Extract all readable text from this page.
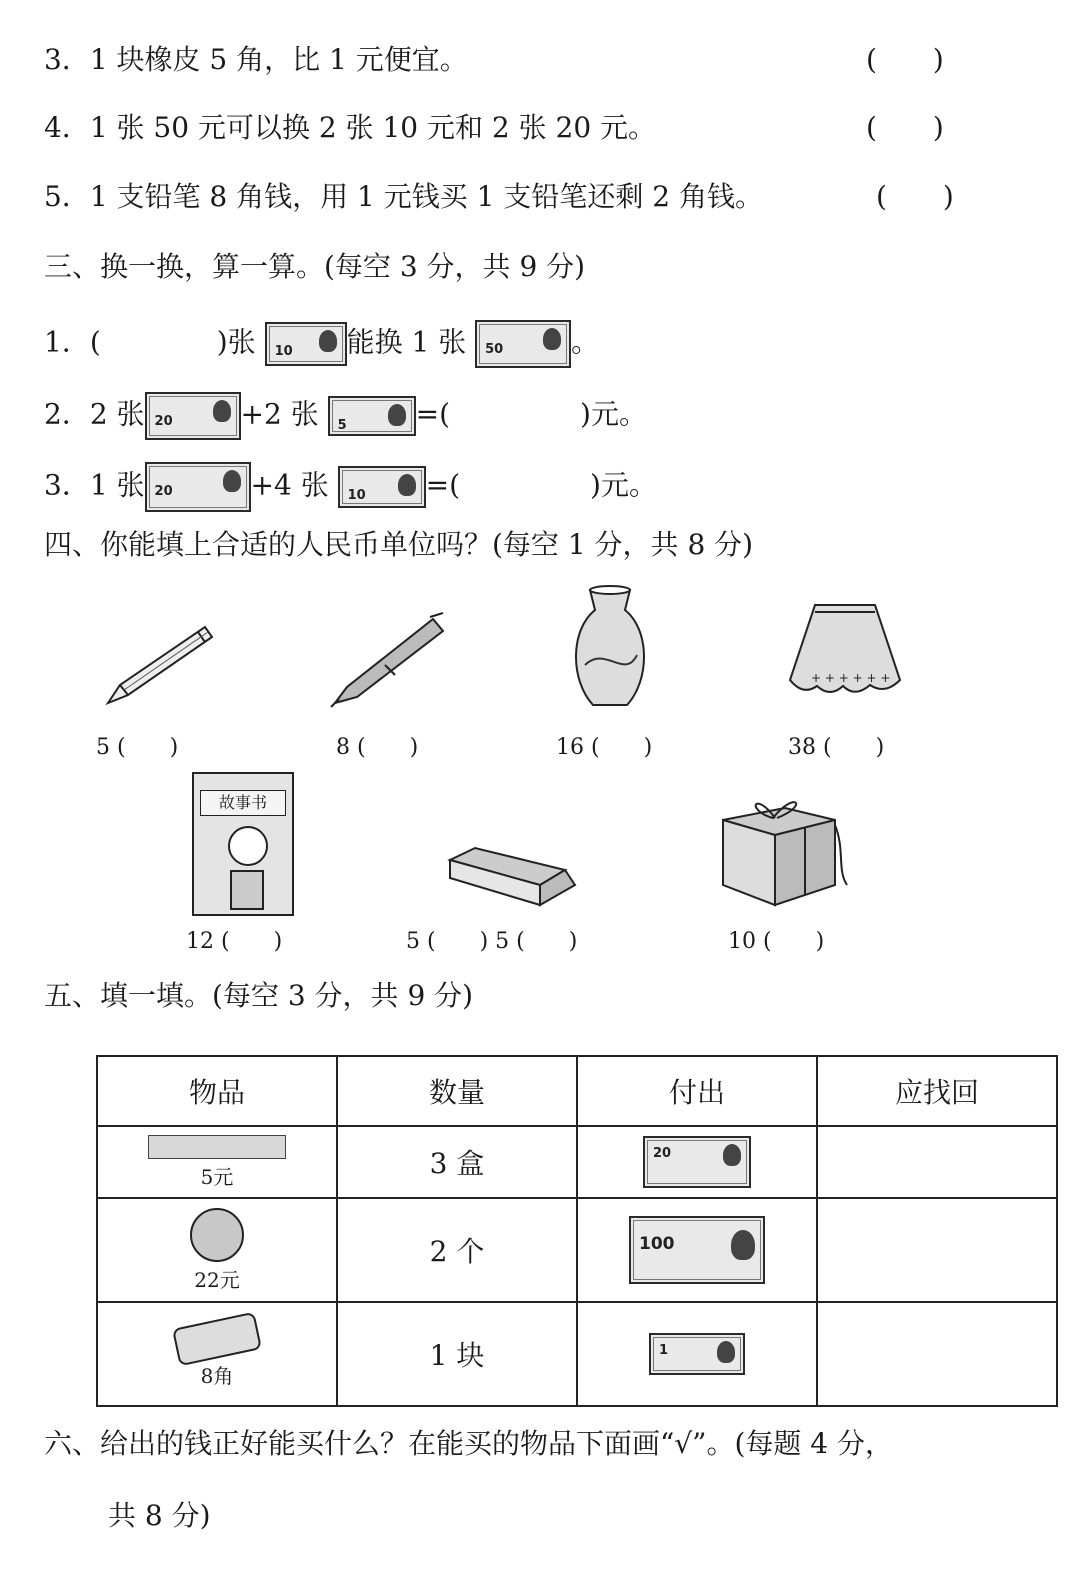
3．1 块橡皮 5 角，比 1 元便宜。	(　　)
4．1 张 50 元可以换 2 张 10 元和 2 张 20 元。	(　　)
5．1 支铅笔 8 角钱，用 1 元钱买 1 支铅笔还剩 2 角钱。	(　　)
三、换一换，算一算。(每空 3 分，共 9 分)
1．(	)张 10 能换 1 张 50 。
2．2 张 20 +2 张 5 =(	)元。
3．1 张 20	+4 张 10 =(	)元。
四、你能填上合适的人民币单位吗？(每空 1 分，共 8 分)
+ + + + + +
5 (　　)	8 (　　)	16 (　　)	38 (　　)
故事书
12 (　　)	5 (　　) 5 (　　)	10 (　　)
五、填一填。(每空 3 分，共 9 分)
物品	数量	付出	应找回

5元	3 盒	20	

22元	2 个	100	

8角	1 块	1	

六、给出的钱正好能买什么？在能买的物品下面画“√”。(每题 4 分，
共 8 分)
